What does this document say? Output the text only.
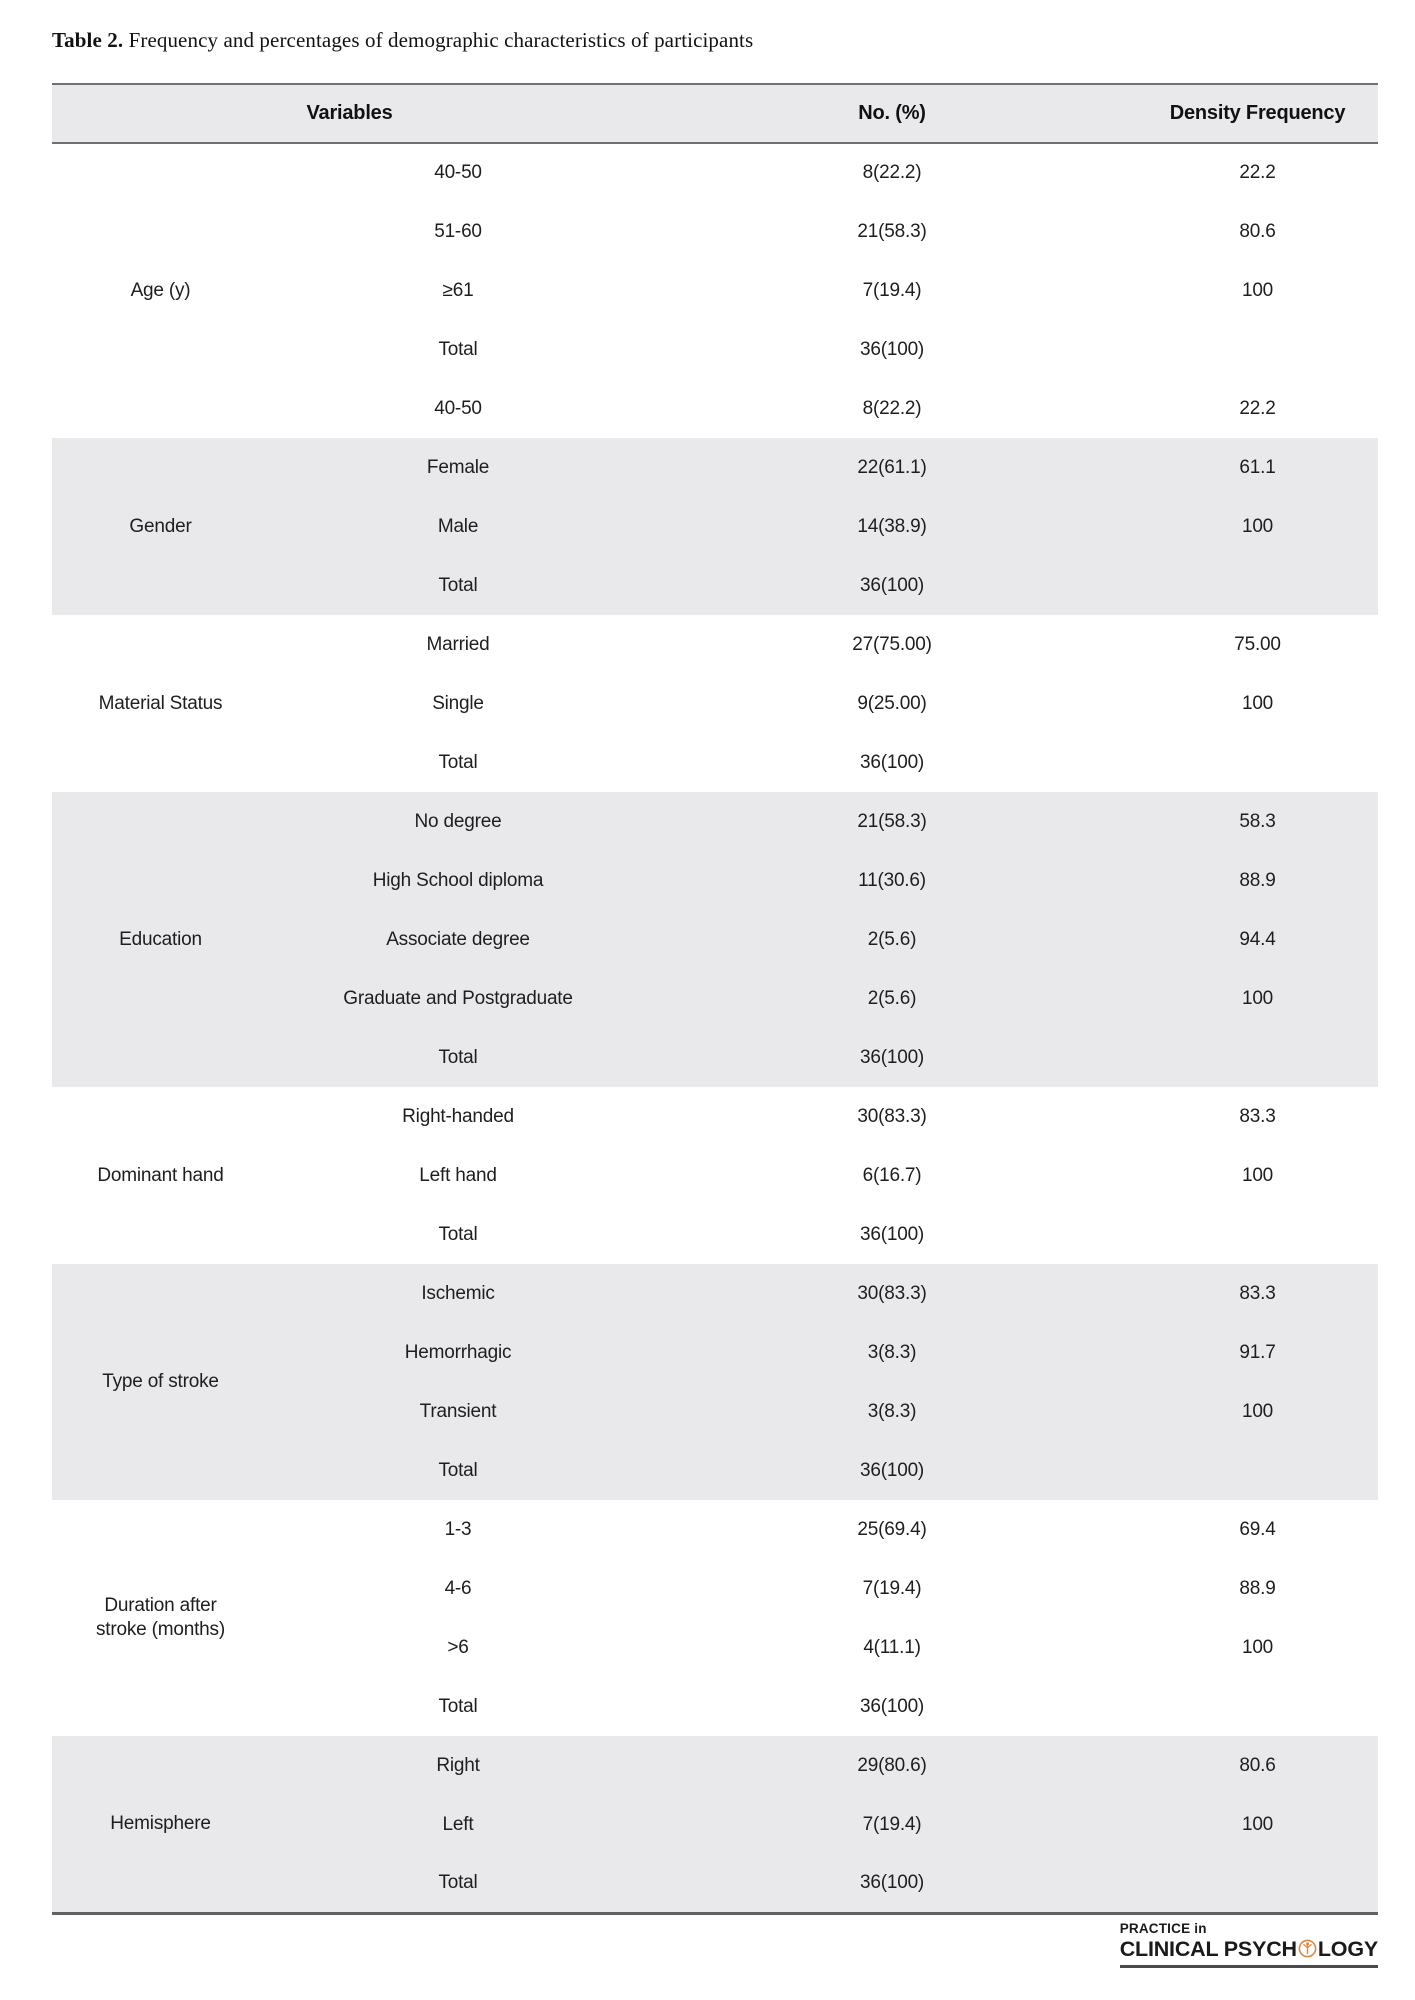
Table 2. Frequency and percentages of demographic characteristics of participants

Variables		No. (%)	Density Frequency
Age (y)	40-50	8(22.2)	22.2
	51-60	21(58.3)	80.6
	≥61	7(19.4)	100
	Total	36(100)	
	40-50	8(22.2)	22.2
Gender	Female	22(61.1)	61.1
	Male	14(38.9)	100
	Total	36(100)	
Material Status	Married	27(75.00)	75.00
	Single	9(25.00)	100
	Total	36(100)	
Education	No degree	21(58.3)	58.3
	High School diploma	11(30.6)	88.9
	Associate degree	2(5.6)	94.4
	Graduate and Postgraduate	2(5.6)	100
	Total	36(100)	
Dominant hand	Right-handed	30(83.3)	83.3
	Left hand	6(16.7)	100
	Total	36(100)	
Type of stroke	Ischemic	30(83.3)	83.3
	Hemorrhagic	3(8.3)	91.7
	Transient	3(8.3)	100
	Total	36(100)	
Duration after stroke (months)	1-3	25(69.4)	69.4
	4-6	7(19.4)	88.9
	>6	4(11.1)	100
	Total	36(100)	
Hemisphere	Right	29(80.6)	80.6
	Left	7(19.4)	100
	Total	36(100)	
PRACTICE in
CLINICAL PSYCH LOGY
